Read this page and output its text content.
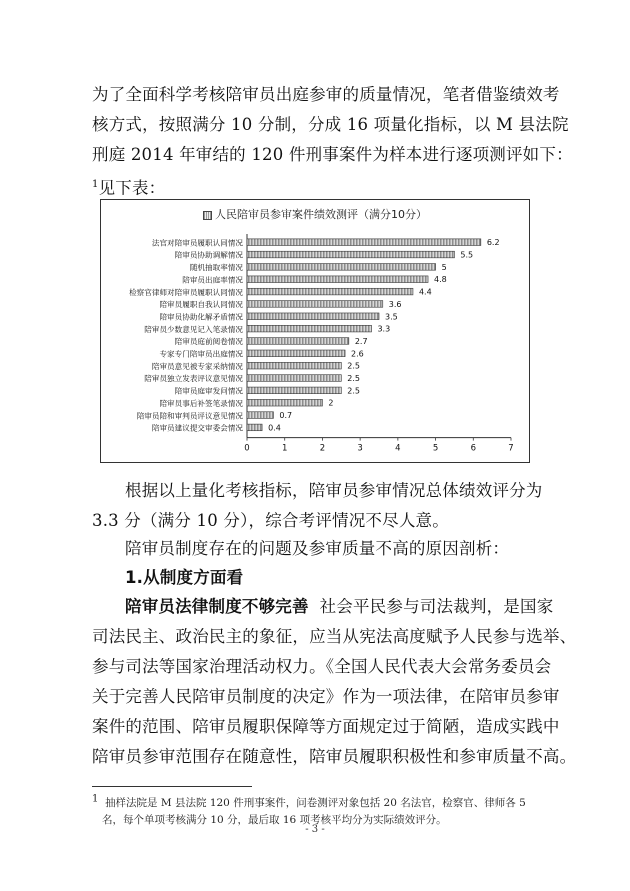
为了全面科学考核陪审员出庭参审的质量情况，笔者借鉴绩效考
核方式，按照满分 10 分制，分成 16 项量化指标，以 M 县法院
刑庭 2014 年审结的 120 件刑事案件为样本进行逐项测评如下：
$^1$见下表：

人民陪审员参审案件绩效测评（满分10分）
法官对陪审员履职认同情况	6.2
陪审员协助调解情况	5.5
随机抽取率情况	5
陪审员出庭率情况	4.8
检察官律师对陪审员履职认同情况	4.4
陪审员履职自我认同情况	3.6
陪审员协助化解矛盾情况	3.5
陪审员少数意见记入笔录情况	3.3
陪审员庭前阅卷情况	2.7
专家专门陪审员出庭情况	2.6
陪审员意见被专家采纳情况	2.5
陪审员独立发表评议意见情况	2.5
陪审员庭审发问情况	2.5
陪审员事后补签笔录情况	2
陪审员陪和审判员评议意见情况	0.7
陪审员建议提交审委会情况	0.4
0	1	2	3	4	5	6	7

根据以上量化考核指标，陪审员参审情况总体绩效评分为
3.3 分（满分 10 分），综合考评情况不尽人意。

陪审员制度存在的问题及参审质量不高的原因剖析：

1.从制度方面看

陪审员法律制度不够完善 社会平民参与司法裁判，是国家
司法民主、政治民主的象征，应当从宪法高度赋予人民参与选举、
参与司法等国家治理活动权力。《全国人民代表大会常务委员会
关于完善人民陪审员制度的决定》作为一项法律，在陪审员参审
案件的范围、陪审员履职保障等方面规定过于简陋，造成实践中
陪审员参审范围存在随意性，陪审员履职积极性和参审质量不高。

$^1$ 抽样法院是 M 县法院 120 件刑事案件，问卷测评对象包括 20 名法官，检察官、律师各 5
名，每个单项考核满分 10 分，最后取 16 项考核平均分为实际绩效评分。
- 3 -
